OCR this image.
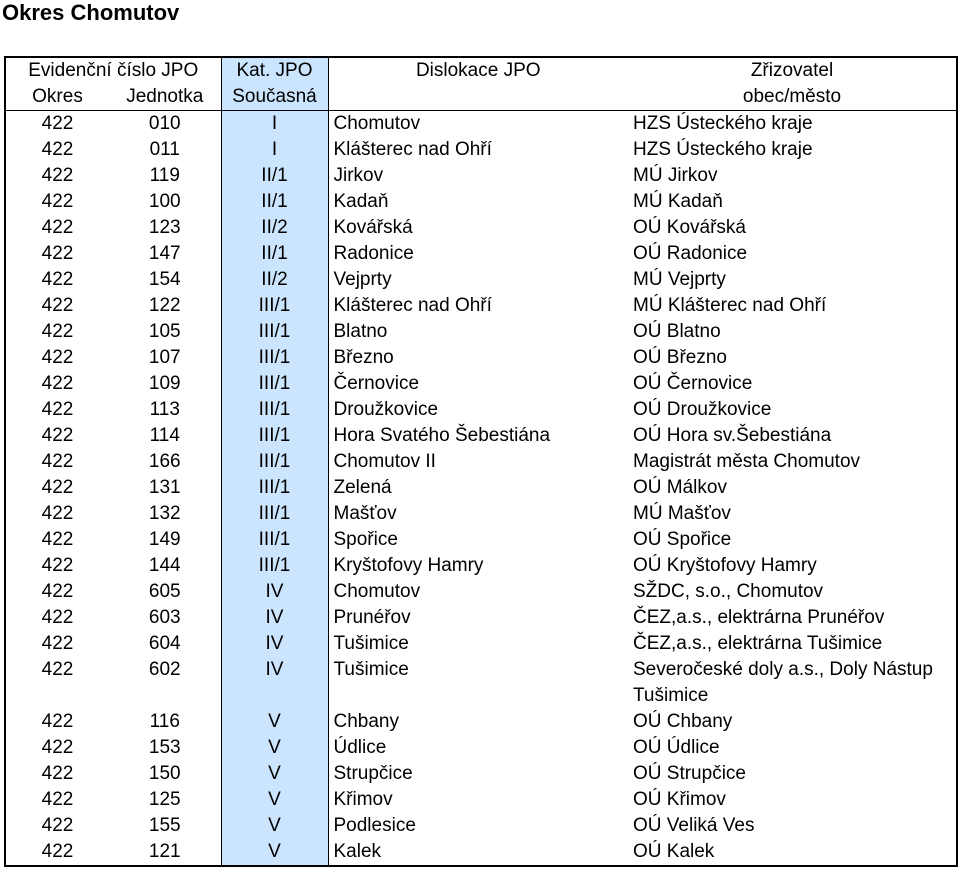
Okres Chomutov
Evidenční číslo JPO		Kat. JPO	Dislokace JPO	Zřizovatel
Okres	Jednotka	Současná		obec/město
422	010	I	Chomutov	HZS Ústeckého kraje
422	011	I	Klášterec nad Ohří	HZS Ústeckého kraje
422	119	II/1	Jirkov	MÚ Jirkov
422	100	II/1	Kadaň	MÚ Kadaň
422	123	II/2	Kovářská	OÚ Kovářská
422	147	II/1	Radonice	OÚ Radonice
422	154	II/2	Vejprty	MÚ Vejprty
422	122	III/1	Klášterec nad Ohří	MÚ Klášterec nad Ohří
422	105	III/1	Blatno	OÚ Blatno
422	107	III/1	Březno	OÚ Březno
422	109	III/1	Černovice	OÚ Černovice
422	113	III/1	Droužkovice	OÚ Droužkovice
422	114	III/1	Hora Svatého Šebestiána	OÚ Hora sv.Šebestiána
422	166	III/1	Chomutov II	Magistrát města Chomutov
422	131	III/1	Zelená	OÚ Málkov
422	132	III/1	Mašťov	MÚ Mašťov
422	149	III/1	Spořice	OÚ Spořice
422	144	III/1	Kryštofovy Hamry	OÚ Kryštofovy Hamry
422	605	IV	Chomutov	SŽDC, s.o., Chomutov
422	603	IV	Prunéřov	ČEZ,a.s., elektrárna Prunéřov
422	604	IV	Tušimice	ČEZ,a.s., elektrárna Tušimice
422	602	IV	Tušimice	Severočeské doly a.s., Doly Nástup Tušimice
422	116	V	Chbany	OÚ Chbany
422	153	V	Údlice	OÚ Údlice
422	150	V	Strupčice	OÚ Strupčice
422	125	V	Křimov	OÚ Křimov
422	155	V	Podlesice	OÚ Veliká Ves
422	121	V	Kalek	OÚ Kalek
